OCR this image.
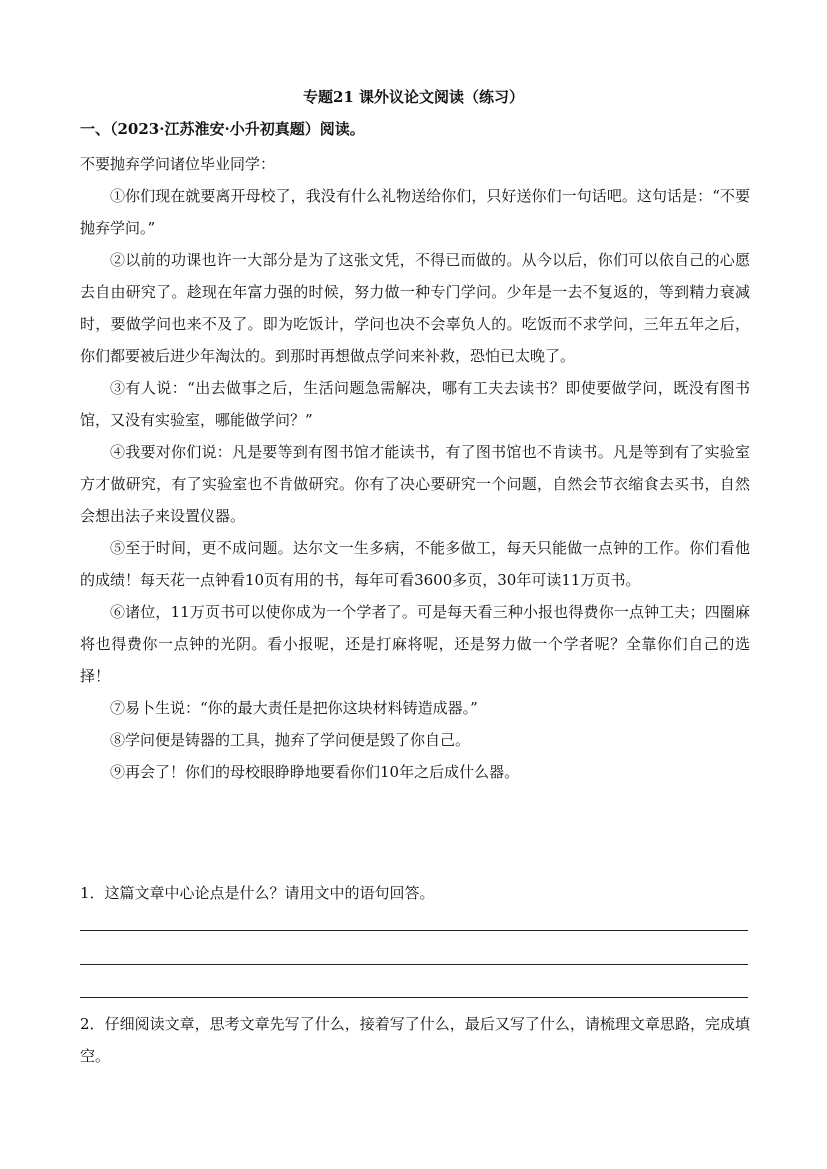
专题21 课外议论文阅读（练习）
一、（2023·江苏淮安·小升初真题）阅读。

不要抛弃学问诸位毕业同学：

①你们现在就要离开母校了，我没有什么礼物送给你们，只好送你们一句话吧。这句话是：“不要抛弃学问。”

②以前的功课也许一大部分是为了这张文凭，不得已而做的。从今以后，你们可以依自己的心愿去自由研究了。趁现在年富力强的时候，努力做一种专门学问。少年是一去不复返的，等到精力衰减时，要做学问也来不及了。即为吃饭计，学问也决不会辜负人的。吃饭而不求学问，三年五年之后，你们都要被后进少年淘汰的。到那时再想做点学问来补救，恐怕已太晚了。

③有人说：“出去做事之后，生活问题急需解决，哪有工夫去读书？即使要做学问，既没有图书馆，又没有实验室，哪能做学问？”

④我要对你们说：凡是要等到有图书馆才能读书，有了图书馆也不肯读书。凡是等到有了实验室方才做研究，有了实验室也不肯做研究。你有了决心要研究一个问题，自然会节衣缩食去买书，自然会想出法子来设置仪器。

⑤至于时间，更不成问题。达尔文一生多病，不能多做工，每天只能做一点钟的工作。你们看他的成绩！每天花一点钟看10页有用的书，每年可看3600多页，30年可读11万页书。

⑥诸位，11万页书可以使你成为一个学者了。可是每天看三种小报也得费你一点钟工夫；四圈麻将也得费你一点钟的光阴。看小报呢，还是打麻将呢，还是努力做一个学者呢？全靠你们自己的选择！

⑦易卜生说：“你的最大责任是把你这块材料铸造成器。”

⑧学问便是铸器的工具，抛弃了学问便是毁了你自己。

⑨再会了！你们的母校眼睁睁地要看你们10年之后成什么器。

1．这篇文章中心论点是什么？请用文中的语句回答。
2．仔细阅读文章，思考文章先写了什么，接着写了什么，最后又写了什么，请梳理文章思路，完成填空。
